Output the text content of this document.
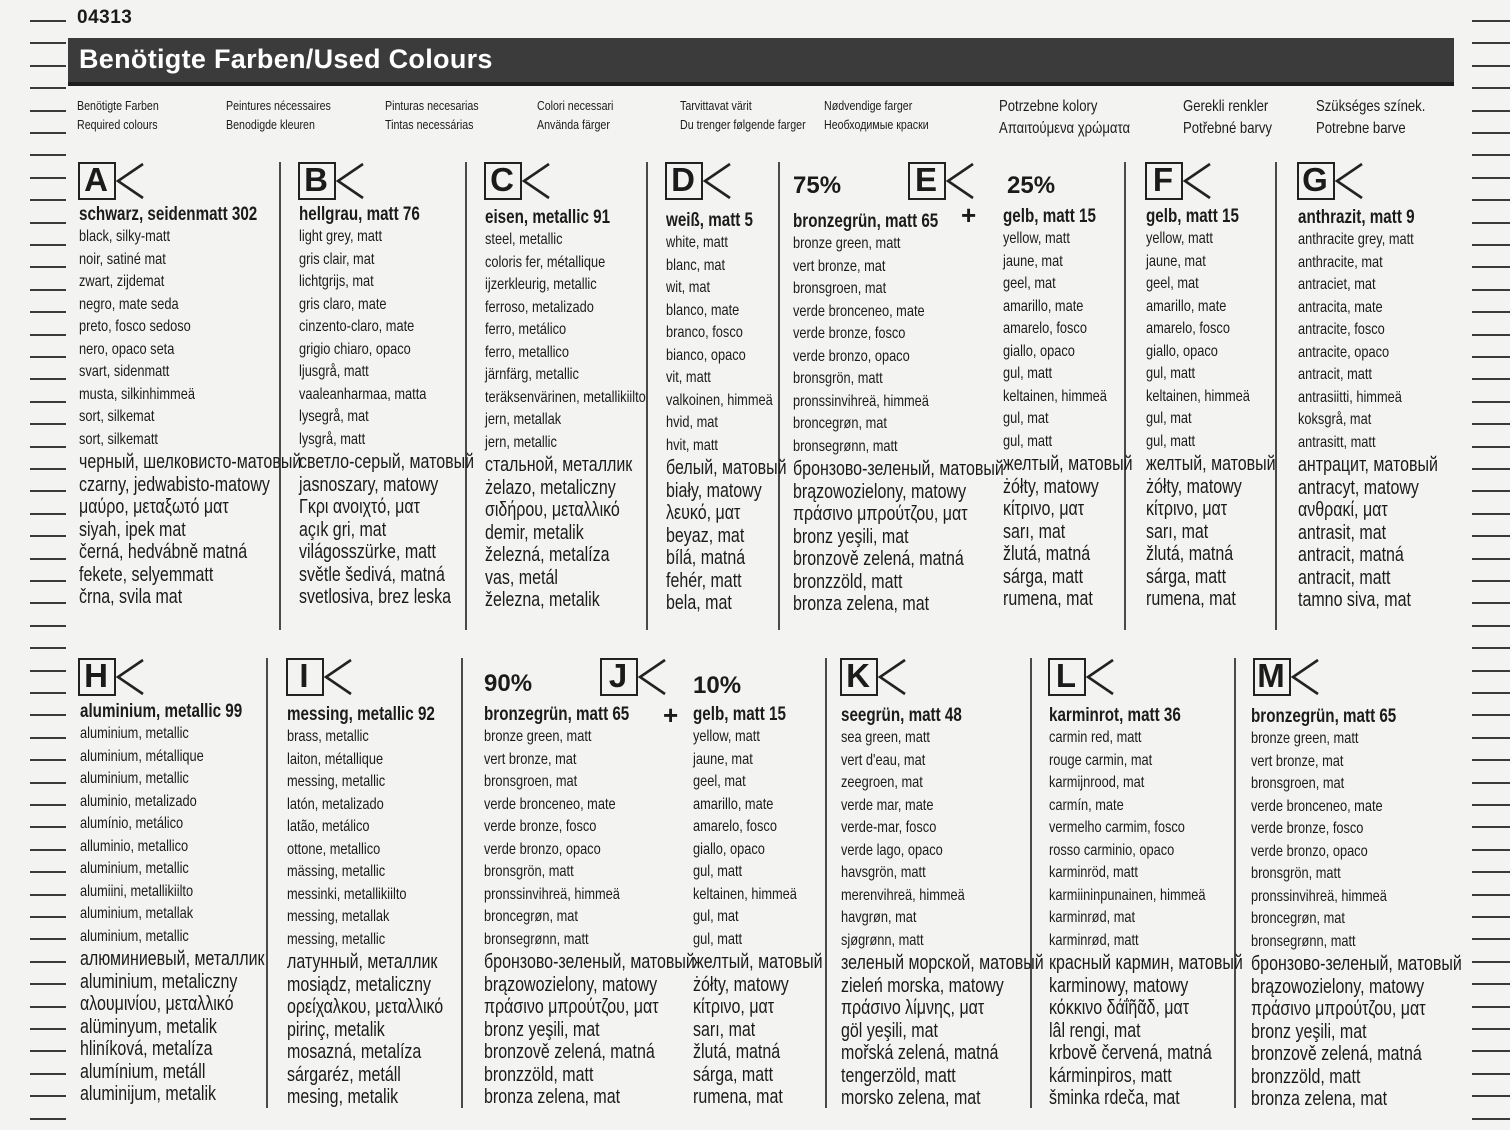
04313
Benötigte Farben/Used Colours
Benötigte Farben
Required colours
Peintures nécessaires
Benodigde kleuren
Pinturas necesarias
Tintas necessárias
Colori necessari
Använda färger
Tarvittavat värit
Du trenger følgende farger
Nødvendige farger
Необходимые краски
Potrzebne kolory
Απαιτούμενα χρώματα
Gerekli renkler
Potřebné barvy
Szükséges színek.
Potrebne barve
A
schwarz, seidenmatt 302
black, silky-matt
noir, satiné mat
zwart, zijdemat
negro, mate seda
preto, fosco sedoso
nero, opaco seta
svart, sidenmatt
musta, silkinhimmeä
sort, silkemat
sort, silkematt
черный, шелковисто-матовый
czarny, jedwabisto-matowy
μαύρο, μεταξωτό ματ
siyah, ipek mat
černá, hedvábně matná
fekete, selyemmatt
črna, svila mat
B
hellgrau, matt 76
light grey, matt
gris clair, mat
lichtgrijs, mat
gris claro, mate
cinzento-claro, mate
grigio chiaro, opaco
ljusgrå, matt
vaaleanharmaa, matta
lysegrå, mat
lysgrå, matt
светло-серый, матовый
jasnoszary, matowy
Γκρι ανοιχτό, ματ
açık gri, mat
világosszürke, matt
světle šedivá, matná
svetlosiva, brez leska
C
eisen, metallic 91
steel, metallic
coloris fer, métallique
ijzerkleurig, metallic
ferroso, metalizado
ferro, metálico
ferro, metallico
järnfärg, metallic
teräksenvärinen, metallikiilto
jern, metallak
jern, metallic
стальной, металлик
żelazo, metaliczny
σιδήρου, μεταλλικό
demir, metalik
železná, metalíza
vas, metál
železna, metalik
D
weiß, matt 5
white, matt
blanc, mat
wit, mat
blanco, mate
branco, fosco
bianco, opaco
vit, matt
valkoinen, himmeä
hvid, mat
hvit, matt
белый, матовый
biały, matowy
λευκό, ματ
beyaz, mat
bílá, matná
fehér, matt
bela, mat
E
bronzegrün, matt 65
bronze green, matt
vert bronze, mat
bronsgroen, mat
verde bronceneo, mate
verde bronze, fosco
verde bronzo, opaco
bronsgrön, matt
pronssinvihreä, himmeä
broncegrøn, mat
bronsegrønn, matt
бронзово-зеленый, матовый
brązowozielony, matowy
πράσινο μπρούτζου, ματ
bronz yeşili, mat
bronzově zelená, matná
bronzzöld, matt
bronza zelena, mat
75%
gelb, matt 15
yellow, matt
jaune, mat
geel, mat
amarillo, mate
amarelo, fosco
giallo, opaco
gul, matt
keltainen, himmeä
gul, mat
gul, matt
желтый, матовый
żółty, matowy
κίτρινο, ματ
sarı, mat
žlutá, matná
sárga, matt
rumena, mat
25%
+
F
gelb, matt 15
yellow, matt
jaune, mat
geel, mat
amarillo, mate
amarelo, fosco
giallo, opaco
gul, matt
keltainen, himmeä
gul, mat
gul, matt
желтый, матовый
żółty, matowy
κίτρινο, ματ
sarı, mat
žlutá, matná
sárga, matt
rumena, mat
G
anthrazit, matt 9
anthracite grey, matt
anthracite, mat
antraciet, mat
antracita, mate
antracite, fosco
antracite, opaco
antracit, matt
antrasiitti, himmeä
koksgrå, mat
antrasitt, matt
антрацит, матовый
antracyt, matowy
ανθρακί, ματ
antrasit, mat
antracit, matná
antracit, matt
tamno siva, mat
H
aluminium, metallic 99
aluminium, metallic
aluminium, métallique
aluminium, metallic
aluminio, metalizado
alumínio, metálico
alluminio, metallico
aluminium, metallic
alumiini, metallikiilto
aluminium, metallak
aluminium, metallic
алюминиевый, металлик
aluminium, metaliczny
αλουμινίου, μεταλλικό
alüminyum, metalik
hliníková, metalíza
alumínium, metáll
aluminijum, metalik
I
messing, metallic 92
brass, metallic
laiton, métallique
messing, metallic
latón, metalizado
latão, metálico
ottone, metallico
mässing, metallic
messinki, metallikiilto
messing, metallak
messing, metallic
латунный, металлик
mosiądz, metaliczny
ορείχαλκου, μεταλλικό
pirinç, metalik
mosazná, metalíza
sárgaréz, metáll
mesing, metalik
J
bronzegrün, matt 65
bronze green, matt
vert bronze, mat
bronsgroen, mat
verde bronceneo, mate
verde bronze, fosco
verde bronzo, opaco
bronsgrön, matt
pronssinvihreä, himmeä
broncegrøn, mat
bronsegrønn, matt
бронзово-зеленый, матовый
brązowozielony, matowy
πράσινο μπρούτζου, ματ
bronz yeşili, mat
bronzově zelená, matná
bronzzöld, matt
bronza zelena, mat
90%
gelb, matt 15
yellow, matt
jaune, mat
geel, mat
amarillo, mate
amarelo, fosco
giallo, opaco
gul, matt
keltainen, himmeä
gul, mat
gul, matt
желтый, матовый
żółty, matowy
κίτρινο, ματ
sarı, mat
žlutá, matná
sárga, matt
rumena, mat
10%
+
K
seegrün, matt 48
sea green, matt
vert d'eau, mat
zeegroen, mat
verde mar, mate
verde-mar, fosco
verde lago, opaco
havsgrön, matt
merenvihreä, himmeä
havgrøn, mat
sjøgrønn, matt
зеленый морской, матовый
zieleń morska, matowy
πράσινο λίμνης, ματ
göl yeşili, mat
mořská zelená, matná
tengerzöld, matt
morsko zelena, mat
L
karminrot, matt 36
carmin red, matt
rouge carmin, mat
karmijnrood, mat
carmín, mate
vermelho carmim, fosco
rosso carminio, opaco
karminröd, matt
karmiininpunainen, himmeä
karminrød, mat
karminrød, matt
красный кармин, матовый
karminowy, matowy
κόκκινο δάΐῆᾶδ, ματ
lâl rengi, mat
krbově červená, matná
kárminpiros, matt
šminka rdeča, mat
M
bronzegrün, matt 65
bronze green, matt
vert bronze, mat
bronsgroen, mat
verde bronceneo, mate
verde bronze, fosco
verde bronzo, opaco
bronsgrön, matt
pronssinvihreä, himmeä
broncegrøn, mat
bronsegrønn, matt
бронзово-зеленый, матовый
brązowozielony, matowy
πράσινο μπρούτζου, ματ
bronz yeşili, mat
bronzově zelená, matná
bronzzöld, matt
bronza zelena, mat
